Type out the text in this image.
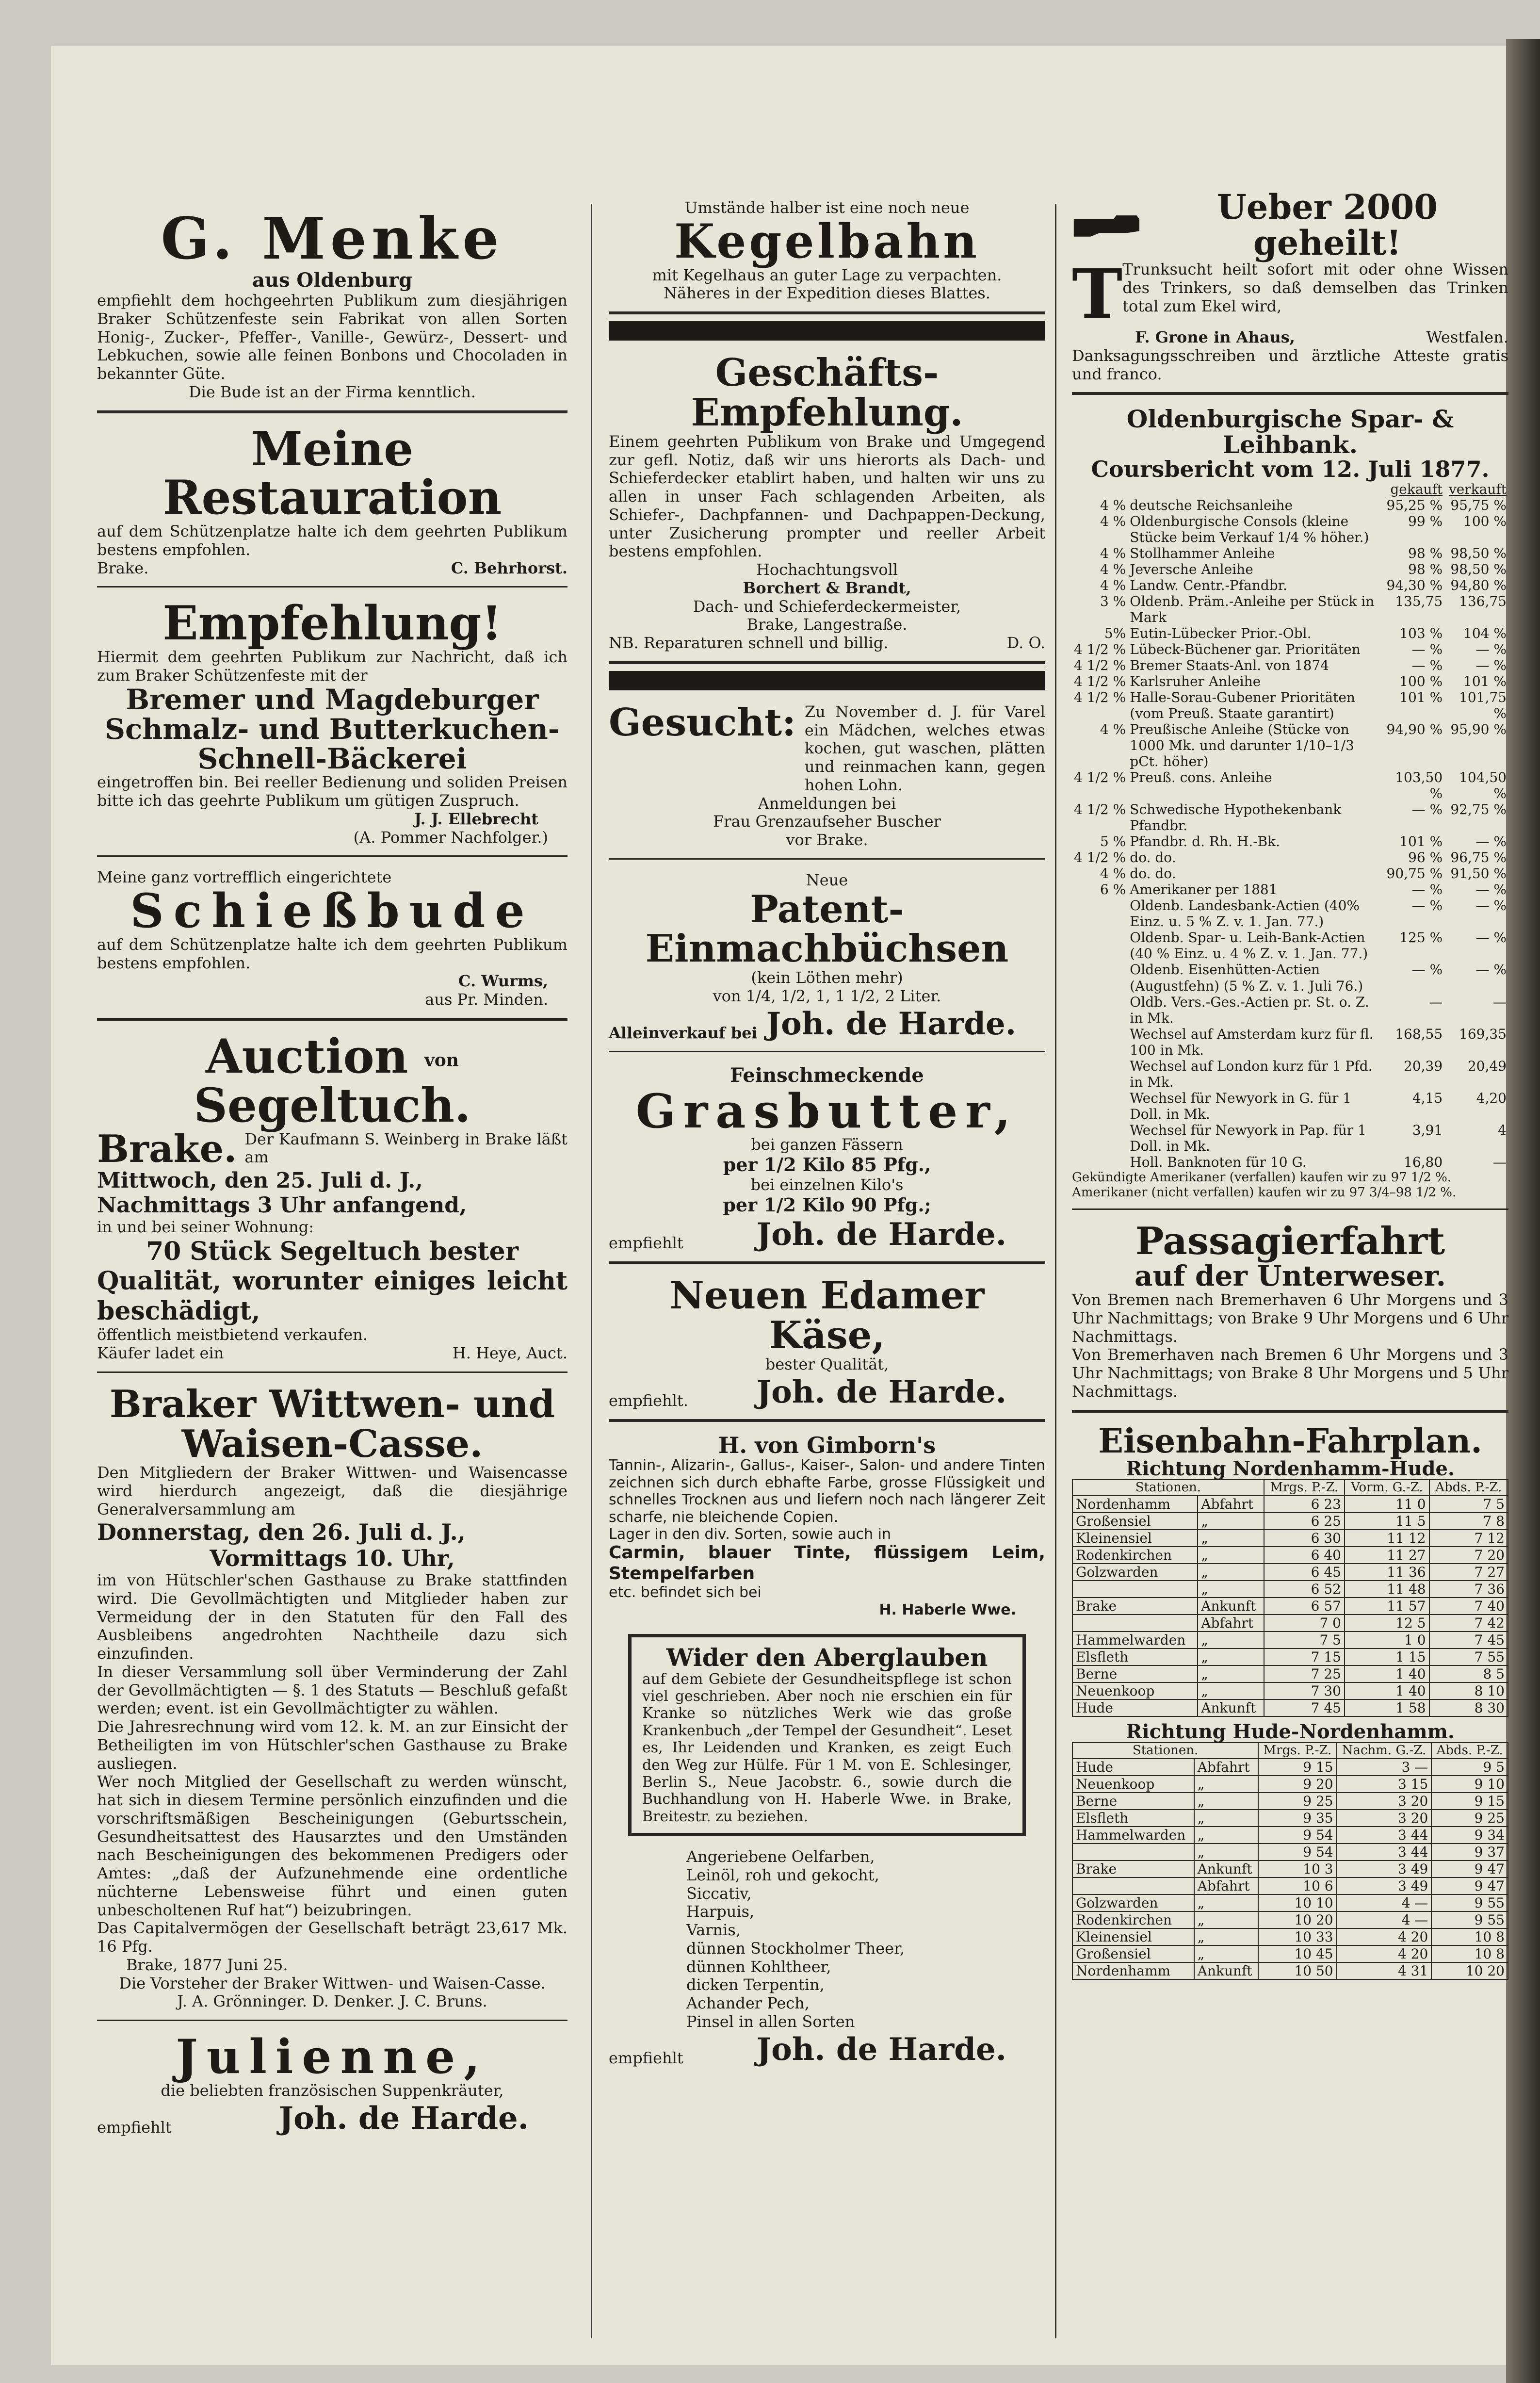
G. Menke
aus Oldenburg

empfiehlt dem hochgeehrten Publikum zum diesjährigen Braker Schützenfeste sein Fabrikat von allen Sorten Honig-, Zucker-, Pfeffer-, Vanille-, Gewürz-, Dessert- und Lebkuchen, sowie alle feinen Bonbons und Chocoladen in bekannter Güte.

Die Bude ist an der Firma kenntlich.

Meine Restauration

auf dem Schützenplatze halte ich dem geehrten Publikum bestens empfohlen.

Brake.	C. Behrhorst.
Empfehlung!

Hiermit dem geehrten Publikum zur Nachricht, daß ich zum Braker Schützenfeste mit der

Bremer und Magdeburger
Schmalz- und Butterkuchen-
Schnell-Bäckerei

eingetroffen bin. Bei reeller Bedienung und soliden Preisen bitte ich das geehrte Publikum um gütigen Zuspruch.

J. J. Ellebrecht

(A. Pommer Nachfolger.)

Meine ganz vortrefflich eingerichtete

Schießbude

auf dem Schützenplatze halte ich dem geehrten Publikum bestens empfohlen.

C. Wurms,

aus Pr. Minden.

Auction von Segeltuch.
Brake. Der Kaufmann S. Weinberg in Brake läßt am

Mittwoch, den 25. Juli d. J.,

Nachmittags 3 Uhr anfangend,

in und bei seiner Wohnung:

70 Stück Segeltuch bester

Qualität, worunter einiges leicht beschädigt,

öffentlich meistbietend verkaufen.

Käufer ladet ein	H. Heye, Auct.
Braker Wittwen- und
Waisen-Casse.

Den Mitgliedern der Braker Wittwen- und Waisencasse wird hierdurch angezeigt, daß die diesjährige Generalversammlung am

Donnerstag, den 26. Juli d. J.,

Vormittags 10. Uhr,

im von Hütschler'schen Gasthause zu Brake stattfinden wird. Die Gevollmächtigten und Mitglieder haben zur Vermeidung der in den Statuten für den Fall des Ausbleibens angedrohten Nachtheile dazu sich einzufinden.

In dieser Versammlung soll über Verminderung der Zahl der Gevollmächtigten — §. 1 des Statuts — Beschluß gefaßt werden; event. ist ein Gevollmächtigter zu wählen.

Die Jahresrechnung wird vom 12. k. M. an zur Einsicht der Betheiligten im von Hütschler'schen Gasthause zu Brake ausliegen.

Wer noch Mitglied der Gesellschaft zu werden wünscht, hat sich in diesem Termine persönlich einzufinden und die vorschriftsmäßigen Bescheinigungen (Geburtsschein, Gesundheitsattest des Hausarztes und den Umständen nach Bescheinigungen des bekommenen Predigers oder Amtes: „daß der Aufzunehmende eine ordentliche nüchterne Lebensweise führt und einen guten unbescholtenen Ruf hat“) beizubringen.

Das Capitalvermögen der Gesellschaft beträgt 23,617 Mk. 16 Pfg.

Brake, 1877 Juni 25.

Die Vorsteher der Braker Wittwen- und Waisen-Casse.

J. A. Grönninger. D. Denker. J. C. Bruns.

Julienne,

die beliebten französischen Suppenkräuter,

empfiehlt	Joh. de Harde.

Umstände halber ist eine noch neue

Kegelbahn

mit Kegelhaus an guter Lage zu verpachten.

Näheres in der Expedition dieses Blattes.

Geschäfts-Empfehlung.

Einem geehrten Publikum von Brake und Umgegend zur gefl. Notiz, daß wir uns hierorts als Dach- und Schieferdecker etablirt haben, und halten wir uns zu allen in unser Fach schlagenden Arbeiten, als Schiefer-, Dachpfannen- und Dachpappen-Deckung, unter Zusicherung prompter und reeller Arbeit bestens empfohlen.

Hochachtungsvoll

Borchert & Brandt,

Dach- und Schieferdeckermeister,

Brake, Langestraße.

NB. Reparaturen schnell und billig.	D. O.
Gesucht: Zu November d. J. für Varel ein Mädchen, welches etwas kochen, gut waschen, plätten und reinmachen kann, gegen hohen Lohn.

Anmeldungen bei

Frau Grenzaufseher Buscher

vor Brake.

Neue

Patent-Einmachbüchsen

(kein Löthen mehr)

von 1/4, 1/2, 1, 1 1/2, 2 Liter.

Alleinverkauf bei Joh. de Harde.

Feinschmeckende

Grasbutter,

bei ganzen Fässern

per 1/2 Kilo 85 Pfg.,

bei einzelnen Kilo's

per 1/2 Kilo 90 Pfg.;

empfiehlt Joh. de Harde.
Neuen Edamer Käse,

bester Qualität,

empfiehlt. Joh. de Harde.
H. von Gimborn's

Tannin-, Alizarin-, Gallus-, Kaiser-, Salon- und andere Tinten zeichnen sich durch ebhafte Farbe, grosse Flüssigkeit und schnelles Trocknen aus und liefern noch nach längerer Zeit scharfe, nie bleichende Copien.

Lager in den div. Sorten, sowie auch in

Carmin, blauer Tinte, flüssigem Leim, Stempelfarben

etc. befindet sich bei

H. Haberle Wwe.

Wider den Aberglauben

auf dem Gebiete der Gesundheitspflege ist schon viel geschrieben. Aber noch nie erschien ein für Kranke so nützliches Werk wie das große Krankenbuch „der Tempel der Gesundheit“. Leset es, Ihr Leidenden und Kranken, es zeigt Euch den Weg zur Hülfe. Für 1 M. von E. Schlesinger, Berlin S., Neue Jacobstr. 6., sowie durch die Buchhandlung von H. Haberle Wwe. in Brake, Breitestr. zu beziehen.

Angeriebene Oelfarben,

Leinöl, roh und gekocht,

Siccativ,

Harpuis,

Varnis,

dünnen Stockholmer Theer,

dünnen Kohltheer,

dicken Terpentin,

Achander Pech,

Pinsel in allen Sorten

empfiehlt Joh. de Harde.
Ueber 2000 geheilt!
T Trunksucht heilt sofort mit oder ohne Wissen des Trinkers, so daß demselben das Trinken total zum Ekel wird,

F. Grone in Ahaus,	Westfalen.

Danksagungsschreiben und ärztliche Atteste gratis und franco.

Oldenburgische Spar- & Leihbank.
Coursbericht vom 12. Juli 1877.
		gekauft	verkauft
4 %	deutsche Reichsanleihe	95,25 %	95,75 %
4 %	Oldenburgische Consols (kleine Stücke beim Verkauf 1/4 % höher.)	99 %	100 %
4 %	Stollhammer Anleihe	98 %	98,50 %
4 %	Jeversche Anleihe	98 %	98,50 %
4 %	Landw. Centr.-Pfandbr.	94,30 %	94,80 %
3 %	Oldenb. Präm.-Anleihe per Stück in Mark	135,75	136,75
5%	Eutin-Lübecker Prior.-Obl.	103 %	104 %
4 1/2 %	Lübeck-Büchener gar. Prioritäten	— %	— %
4 1/2 %	Bremer Staats-Anl. von 1874	— %	— %
4 1/2 %	Karlsruher Anleihe	100 %	101 %
4 1/2 %	Halle-Sorau-Gubener Prioritäten (vom Preuß. Staate garantirt)	101 %	101,75 %
4 %	Preußische Anleihe (Stücke von 1000 Mk. und darunter 1/10–1/3 pCt. höher)	94,90 %	95,90 %
4 1/2 %	Preuß. cons. Anleihe	103,50 %	104,50 %
4 1/2 %	Schwedische Hypothekenbank Pfandbr.	— %	92,75 %
5 %	Pfandbr. d. Rh. H.-Bk.	101 %	— %
4 1/2 %	do. do.	96 %	96,75 %
4 %	do. do.	90,75 %	91,50 %
6 %	Amerikaner per 1881	— %	— %
	Oldenb. Landesbank-Actien (40% Einz. u. 5 % Z. v. 1. Jan. 77.)	— %	— %
	Oldenb. Spar- u. Leih-Bank-Actien (40 % Einz. u. 4 % Z. v. 1. Jan. 77.)	125 %	— %
	Oldenb. Eisenhütten-Actien (Augustfehn) (5 % Z. v. 1. Juli 76.)	— %	— %
	Oldb. Vers.-Ges.-Actien pr. St. o. Z. in Mk.	—	—
	Wechsel auf Amsterdam kurz für fl. 100 in Mk.	168,55	169,35
	Wechsel auf London kurz für 1 Pfd. in Mk.	20,39	20,49
	Wechsel für Newyork in G. für 1 Doll. in Mk.	4,15	4,20
	Wechsel für Newyork in Pap. für 1 Doll. in Mk.	3,91	4
	Holl. Banknoten für 10 G.	16,80	—

Gekündigte Amerikaner (verfallen) kaufen wir zu 97 1/2 %.

Amerikaner (nicht verfallen) kaufen wir zu 97 3/4–98 1/2 %.

Passagierfahrt
auf der Unterweser.

Von Bremen nach Bremerhaven 6 Uhr Morgens und 3 Uhr Nachmittags; von Brake 9 Uhr Morgens und 6 Uhr Nachmittags.

Von Bremerhaven nach Bremen 6 Uhr Morgens und 3 Uhr Nachmittags; von Brake 8 Uhr Morgens und 5 Uhr Nachmittags.

Eisenbahn-Fahrplan.
Richtung Nordenhamm-Hude.
Stationen.		Mrgs. P.-Z.	Vorm. G.-Z.	Abds. P.-Z.
Nordenhamm	Abfahrt	6 23	11 0	7 5
Großensiel	„	6 25	11 5	7 8
Kleinensiel	„	6 30	11 12	7 12
Rodenkirchen	„	6 40	11 27	7 20
Golzwarden	„	6 45	11 36	7 27
	„	6 52	11 48	7 36
Brake	Ankunft	6 57	11 57	7 40
	Abfahrt	7 0	12 5	7 42
Hammelwarden	„	7 5	1 0	7 45
Elsfleth	„	7 15	1 15	7 55
Berne	„	7 25	1 40	8 5
Neuenkoop	„	7 30	1 40	8 10
Hude	Ankunft	7 45	1 58	8 30
Richtung Hude-Nordenhamm.
Stationen.		Mrgs. P.-Z.	Nachm. G.-Z.	Abds. P.-Z.
Hude	Abfahrt	9 15	3 —	9 5
Neuenkoop	„	9 20	3 15	9 10
Berne	„	9 25	3 20	9 15
Elsfleth	„	9 35	3 20	9 25
Hammelwarden	„	9 54	3 44	9 34
	„	9 54	3 44	9 37
Brake	Ankunft	10 3	3 49	9 47
	Abfahrt	10 6	3 49	9 47
Golzwarden	„	10 10	4 —	9 55
Rodenkirchen	„	10 20	4 —	9 55
Kleinensiel	„	10 33	4 20	10 8
Großensiel	„	10 45	4 20	10 8
Nordenhamm	Ankunft	10 50	4 31	10 20
